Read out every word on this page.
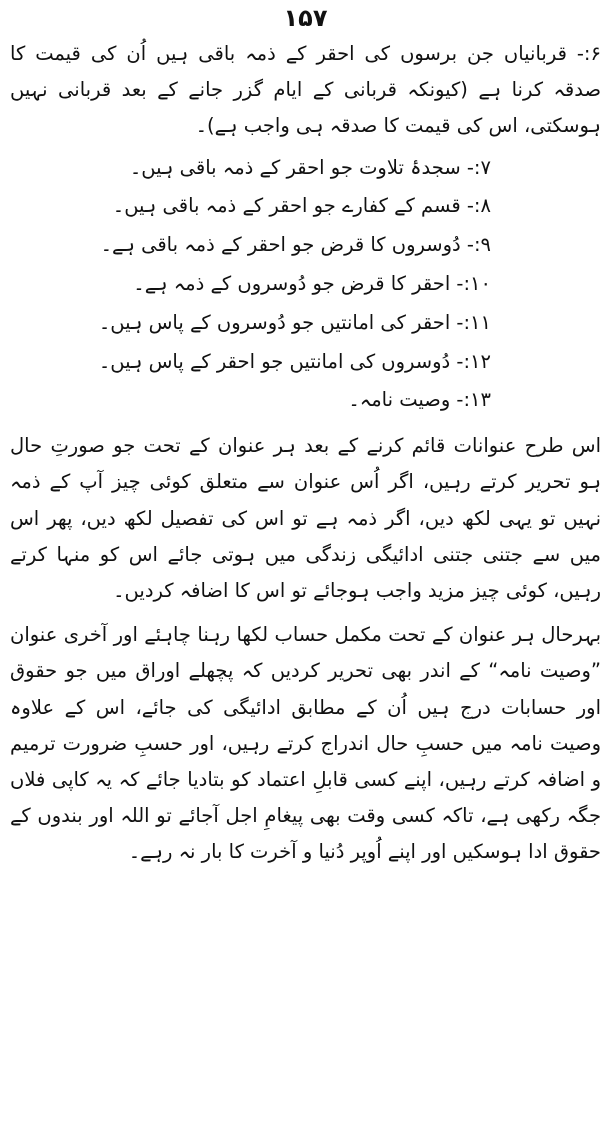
۱۵۷

۶:- قربانیاں جن برسوں کی احقر کے ذمہ باقی ہیں اُن کی قیمت کا صدقہ کرنا ہے (کیونکہ قربانی کے ایام گزر جانے کے بعد قربانی نہیں ہوسکتی، اس کی قیمت کا صدقہ ہی واجب ہے)۔

۷:- سجدۂ تلاوت جو احقر کے ذمہ باقی ہیں۔
۸:- قسم کے کفارے جو احقر کے ذمہ باقی ہیں۔
۹:- دُوسروں کا قرض جو احقر کے ذمہ باقی ہے۔
۱۰:- احقر کا قرض جو دُوسروں کے ذمہ ہے۔
۱۱:- احقر کی امانتیں جو دُوسروں کے پاس ہیں۔
۱۲:- دُوسروں کی امانتیں جو احقر کے پاس ہیں۔
۱۳:- وصیت نامہ۔

اس طرح عنوانات قائم کرنے کے بعد ہر عنوان کے تحت جو صورتِ حال ہو تحریر کرتے رہیں، اگر اُس عنوان سے متعلق کوئی چیز آپ کے ذمہ نہیں تو یہی لکھ دیں، اگر ذمہ ہے تو اس کی تفصیل لکھ دیں، پھر اس میں سے جتنی جتنی ادائیگی زندگی میں ہوتی جائے اس کو منہا کرتے رہیں، کوئی چیز مزید واجب ہوجائے تو اس کا اضافہ کردیں۔

بہرحال ہر عنوان کے تحت مکمل حساب لکھا رہنا چاہئے اور آخری عنوان ”وصیت نامہ“ کے اندر بھی تحریر کردیں کہ پچھلے اوراق میں جو حقوق اور حسابات درج ہیں اُن کے مطابق ادائیگی کی جائے، اس کے علاوہ وصیت نامہ میں حسبِ حال اندراج کرتے رہیں، اور حسبِ ضرورت ترمیم و اضافہ کرتے رہیں، اپنے کسی قابلِ اعتماد کو بتادیا جائے کہ یہ کاپی فلاں جگہ رکھی ہے، تاکہ کسی وقت بھی پیغامِ اجل آجائے تو اللہ اور بندوں کے حقوق ادا ہوسکیں اور اپنے اُوپر دُنیا و آخرت کا بار نہ رہے۔
